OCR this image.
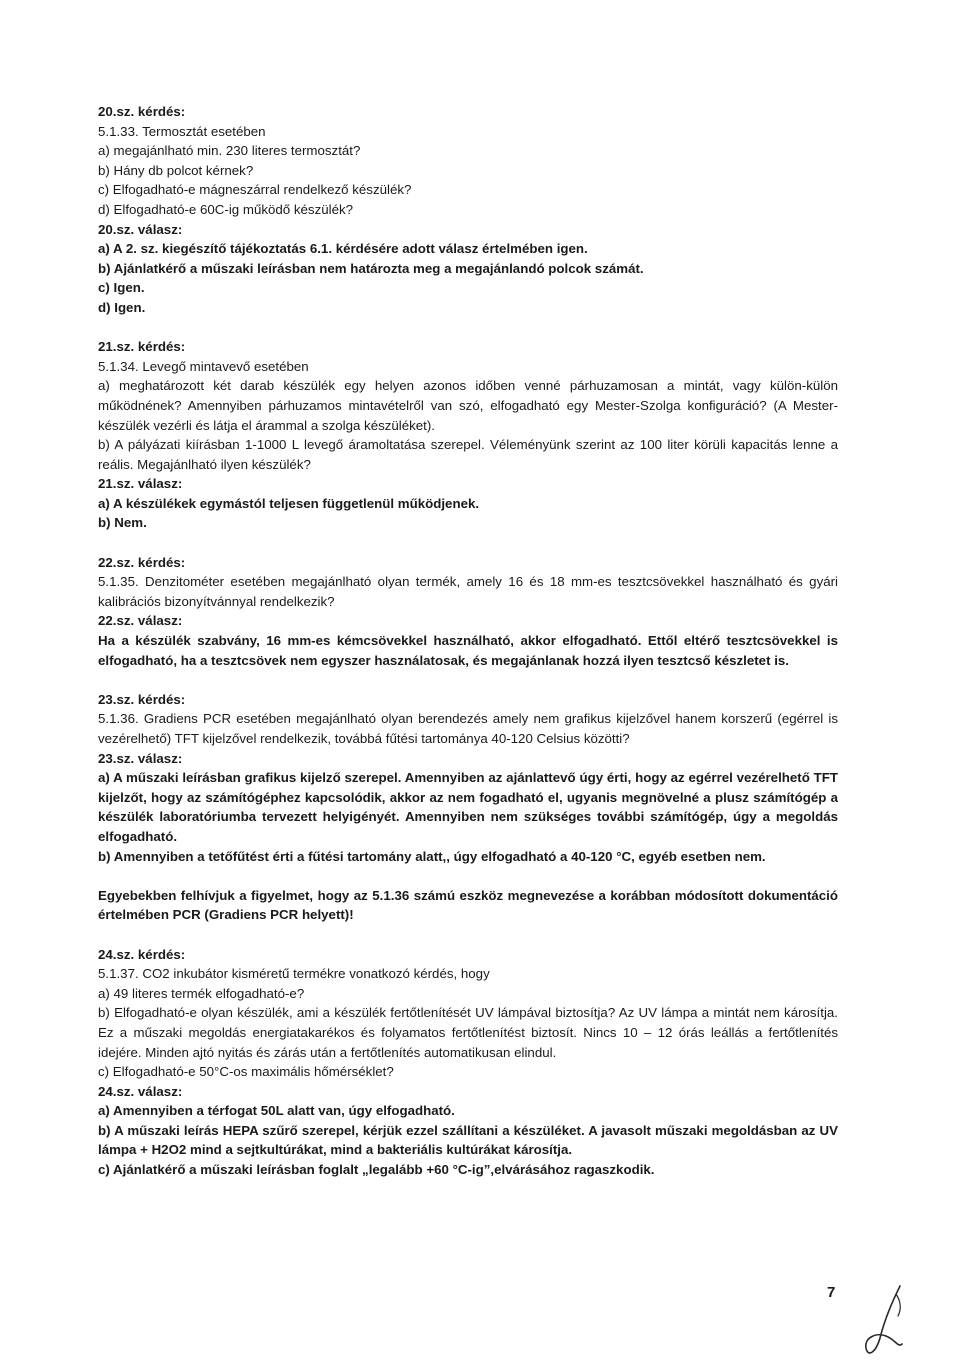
20.sz. kérdés:
5.1.33. Termosztát esetében
a) megajánlható min. 230 literes termosztát?
b) Hány db polcot kérnek?
c) Elfogadható-e mágneszárral rendelkező készülék?
d) Elfogadható-e 60C-ig működő készülék?
20.sz. válasz:
a) A 2. sz. kiegészítő tájékoztatás 6.1. kérdésére adott válasz értelmében igen.
b) Ajánlatkérő a műszaki leírásban nem határozta meg a megajánlandó polcok számát.
c) Igen.
d) Igen.
21.sz. kérdés:
5.1.34. Levegő mintavevő esetében
a) meghatározott két darab készülék egy helyen azonos időben venné párhuzamosan a mintát, vagy külön-külön működnének? Amennyiben párhuzamos mintavételről van szó, elfogadható egy Mester-Szolga konfiguráció? (A Mester-készülék vezérli és látja el árammal a szolga készüléket).
b) A pályázati kiírásban 1-1000 L levegő áramoltatása szerepel. Véleményünk szerint az 100 liter körüli kapacitás lenne a reális. Megajánlható ilyen készülék?
21.sz. válasz:
a) A készülékek egymástól teljesen függetlenül működjenek.
b) Nem.
22.sz. kérdés:
5.1.35. Denzitométer esetében megajánlható olyan termék, amely 16 és 18 mm-es tesztcsövekkel használható és gyári kalibrációs bizonyítvánnyal rendelkezik?
22.sz. válasz:
Ha a készülék szabvány, 16 mm-es kémcsövekkel használható, akkor elfogadható. Ettől eltérő tesztcsövekkel is elfogadható, ha a tesztcsövek nem egyszer használatosak, és megajánlanak hozzá ilyen tesztcső készletet is.
23.sz. kérdés:
5.1.36. Gradiens PCR esetében megajánlható olyan berendezés amely nem grafikus kijelzővel hanem korszerű (egérrel is vezérelhető) TFT kijelzővel rendelkezik, továbbá fűtési tartománya 40-120 Celsius közötti?
23.sz. válasz:
a) A műszaki leírásban grafikus kijelző szerepel. Amennyiben az ajánlattevő úgy érti, hogy az egérrel vezérelhető TFT kijelzőt, hogy az számítógéphez kapcsolódik, akkor az nem fogadható el, ugyanis megnövelné a plusz számítógép a készülék laboratóriumba tervezett helyigényét. Amennyiben nem szükséges további számítógép, úgy a megoldás elfogadható.
b) Amennyiben a tetőfűtést érti a fűtési tartomány alatt,, úgy elfogadható a 40-120 °C, egyéb esetben nem.
Egyebekben felhívjuk a figyelmet, hogy az 5.1.36 számú eszköz megnevezése a korábban módosított dokumentáció értelmében PCR (Gradiens PCR helyett)!
24.sz. kérdés:
5.1.37. CO2 inkubátor kisméretű termékre vonatkozó kérdés, hogy
a) 49 literes termék elfogadható-e?
b) Elfogadható-e olyan készülék, ami a készülék fertőtlenítését UV lámpával biztosítja? Az UV lámpa a mintát nem károsítja. Ez a műszaki megoldás energiatakarékos és folyamatos fertőtlenítést biztosít. Nincs 10 – 12 órás leállás a fertőtlenítés idejére. Minden ajtó nyitás és zárás után a fertőtlenítés automatikusan elindul.
c) Elfogadható-e 50°C-os maximális hőmérséklet?
24.sz. válasz:
a) Amennyiben a térfogat 50L alatt van, úgy elfogadható.
b) A műszaki leírás HEPA szűrő szerepel, kérjük ezzel szállítani a készüléket. A javasolt műszaki megoldásban az UV lámpa + H2O2 mind a sejtkultúrákat, mind a bakteriális kultúrákat károsítja.
c) Ajánlatkérő a műszaki leírásban foglalt „legalább +60 °C-ig”,elvárásához ragaszkodik.
7
